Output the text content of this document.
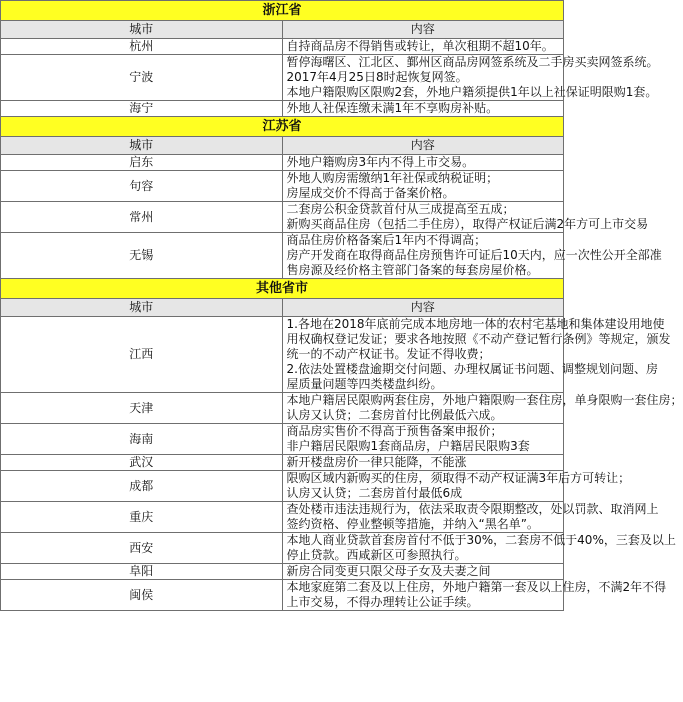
浙江省	
城市	内容
杭州	自持商品房不得销售或转让，单次租期不超10年。

宁波	暂停海曙区、江北区、鄞州区商品房网签系统及二手房买卖网签系统。
2017年4月25日8时起恢复网签。
本地户籍限购区限购2套，外地户籍须提供1年以上社保证明限购1套。

海宁	外地人社保连缴未满1年不享购房补贴。

江苏省	
城市	内容
启东	外地户籍购房3年内不得上市交易。

句容	外地人购房需缴纳1年社保或纳税证明；
房屋成交价不得高于备案价格。

常州	二套房公积金贷款首付从三成提高至五成；
新购买商品住房（包括二手住房），取得产权证后满2年方可上市交易

无锡	商品住房价格备案后1年内不得调高；
房产开发商在取得商品住房预售许可证后10天内，应一次性公开全部准
售房源及经价格主管部门备案的每套房屋价格。

其他省市	
城市	内容
江西	1.各地在2018年底前完成本地房地一体的农村宅基地和集体建设用地使
用权确权登记发证；要求各地按照《不动产登记暂行条例》等规定，颁发
统一的不动产权证书。发证不得收费；
2.依法处置楼盘逾期交付问题、办理权属证书问题、调整规划问题、房
屋质量问题等四类楼盘纠纷。

天津	本地户籍居民限购两套住房，外地户籍限购一套住房，单身限购一套住房；
认房又认贷；二套房首付比例最低六成。

海南	商品房实售价不得高于预售备案申报价；
非户籍居民限购1套商品房，户籍居民限购3套

武汉	新开楼盘房价一律只能降，不能涨

成都	限购区域内新购买的住房，须取得不动产权证满3年后方可转让；
认房又认贷；二套房首付最低6成

重庆	查处楼市违法违规行为，依法采取责令限期整改，处以罚款、取消网上
签约资格、停业整顿等措施，并纳入“黑名单”。

西安	本地人商业贷款首套房首付不低于30%，二套房不低于40%，三套及以上
停止贷款。西咸新区可参照执行。

阜阳	新房合同变更只限父母子女及夫妻之间

闽侯	本地家庭第二套及以上住房，外地户籍第一套及以上住房，不满2年不得
上市交易，不得办理转让公证手续。
